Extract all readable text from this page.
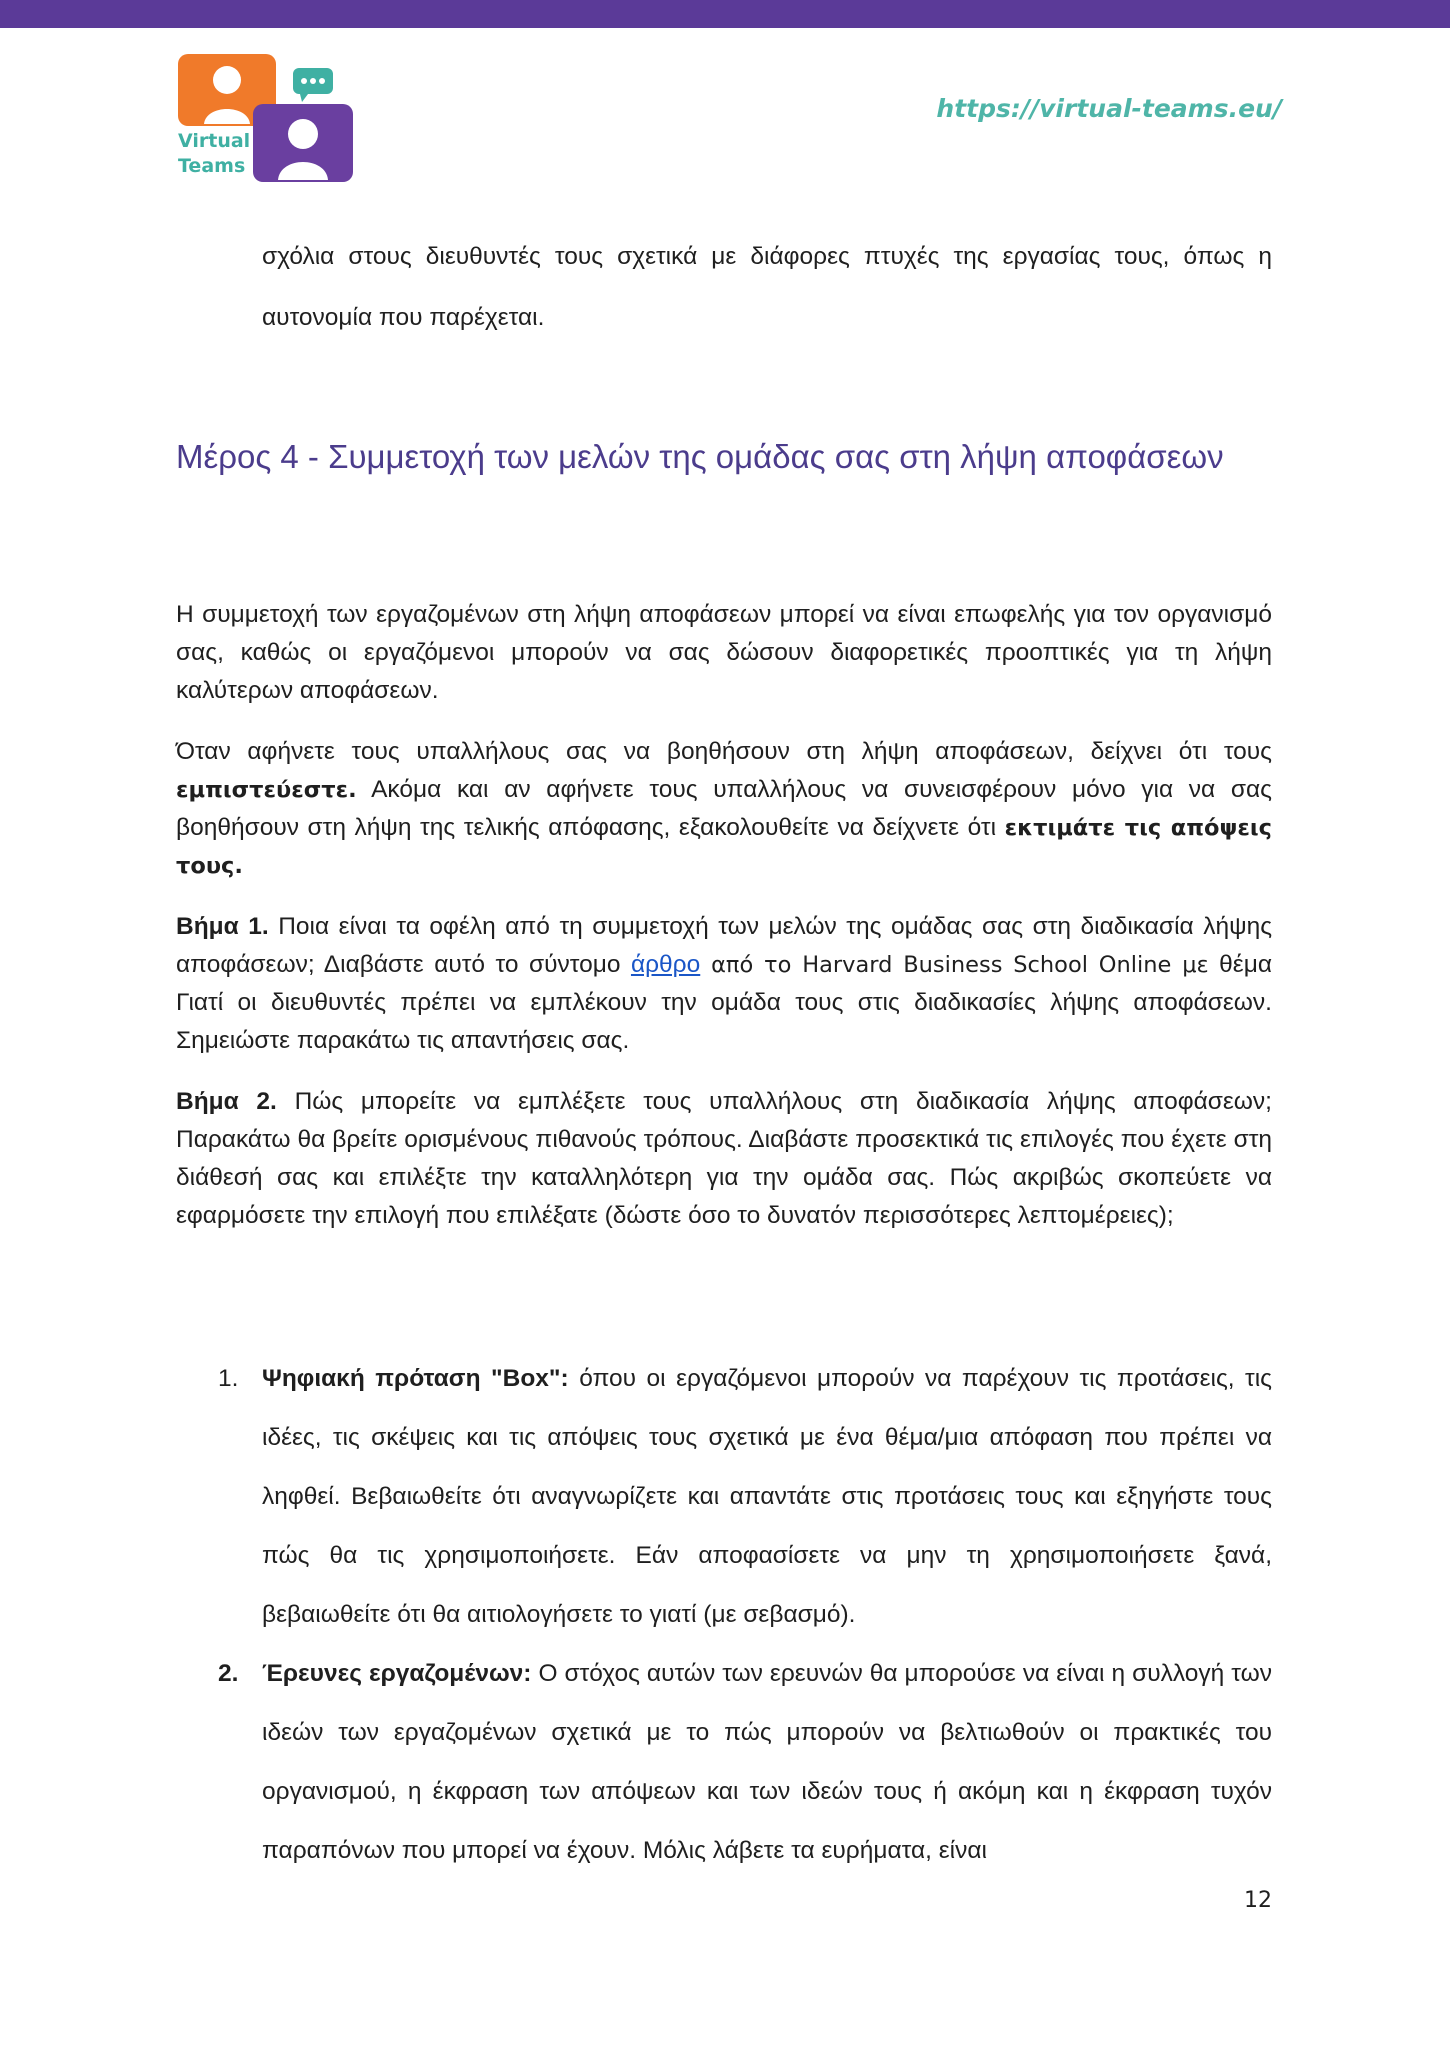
Virtual
Teams
https://virtual-teams.eu/

σχόλια στους διευθυντές τους σχετικά με διάφορες πτυχές της εργασίας τους, όπως η αυτονομία που παρέχεται.

Μέρος 4 - Συμμετοχή των μελών της ομάδας σας στη λήψη αποφάσεων

Η συμμετοχή των εργαζομένων στη λήψη αποφάσεων μπορεί να είναι επωφελής για τον οργανισμό σας, καθώς οι εργαζόμενοι μπορούν να σας δώσουν διαφορετικές προοπτικές για τη λήψη καλύτερων αποφάσεων.

Όταν αφήνετε τους υπαλλήλους σας να βοηθήσουν στη λήψη αποφάσεων, δείχνει ότι τους εμπιστεύεστε. Ακόμα και αν αφήνετε τους υπαλλήλους να συνεισφέρουν μόνο για να σας βοηθήσουν στη λήψη της τελικής απόφασης, εξακολουθείτε να δείχνετε ότι εκτιμάτε τις απόψεις τους.

Βήμα 1. Ποια είναι τα οφέλη από τη συμμετοχή των μελών της ομάδας σας στη διαδικασία λήψης αποφάσεων; Διαβάστε αυτό το σύντομο άρθρο από το Harvard Business School Online με θέμα Γιατί οι διευθυντές πρέπει να εμπλέκουν την ομάδα τους στις διαδικασίες λήψης αποφάσεων. Σημειώστε παρακάτω τις απαντήσεις σας.

Βήμα 2. Πώς μπορείτε να εμπλέξετε τους υπαλλήλους στη διαδικασία λήψης αποφάσεων; Παρακάτω θα βρείτε ορισμένους πιθανούς τρόπους. Διαβάστε προσεκτικά τις επιλογές που έχετε στη διάθεσή σας και επιλέξτε την καταλληλότερη για την ομάδα σας. Πώς ακριβώς σκοπεύετε να εφαρμόσετε την επιλογή που επιλέξατε (δώστε όσο το δυνατόν περισσότερες λεπτομέρειες);

1. Ψηφιακή πρόταση "Box": όπου οι εργαζόμενοι μπορούν να παρέχουν τις προτάσεις, τις ιδέες, τις σκέψεις και τις απόψεις τους σχετικά με ένα θέμα/μια απόφαση που πρέπει να ληφθεί. Βεβαιωθείτε ότι αναγνωρίζετε και απαντάτε στις προτάσεις τους και εξηγήστε τους πώς θα τις χρησιμοποιήσετε. Εάν αποφασίσετε να μην τη χρησιμοποιήσετε ξανά, βεβαιωθείτε ότι θα αιτιολογήσετε το γιατί (με σεβασμό).
2. Έρευνες εργαζομένων: Ο στόχος αυτών των ερευνών θα μπορούσε να είναι η συλλογή των ιδεών των εργαζομένων σχετικά με το πώς μπορούν να βελτιωθούν οι πρακτικές του οργανισμού, η έκφραση των απόψεων και των ιδεών τους ή ακόμη και η έκφραση τυχόν παραπόνων που μπορεί να έχουν. Μόλις λάβετε τα ευρήματα, είναι
12
